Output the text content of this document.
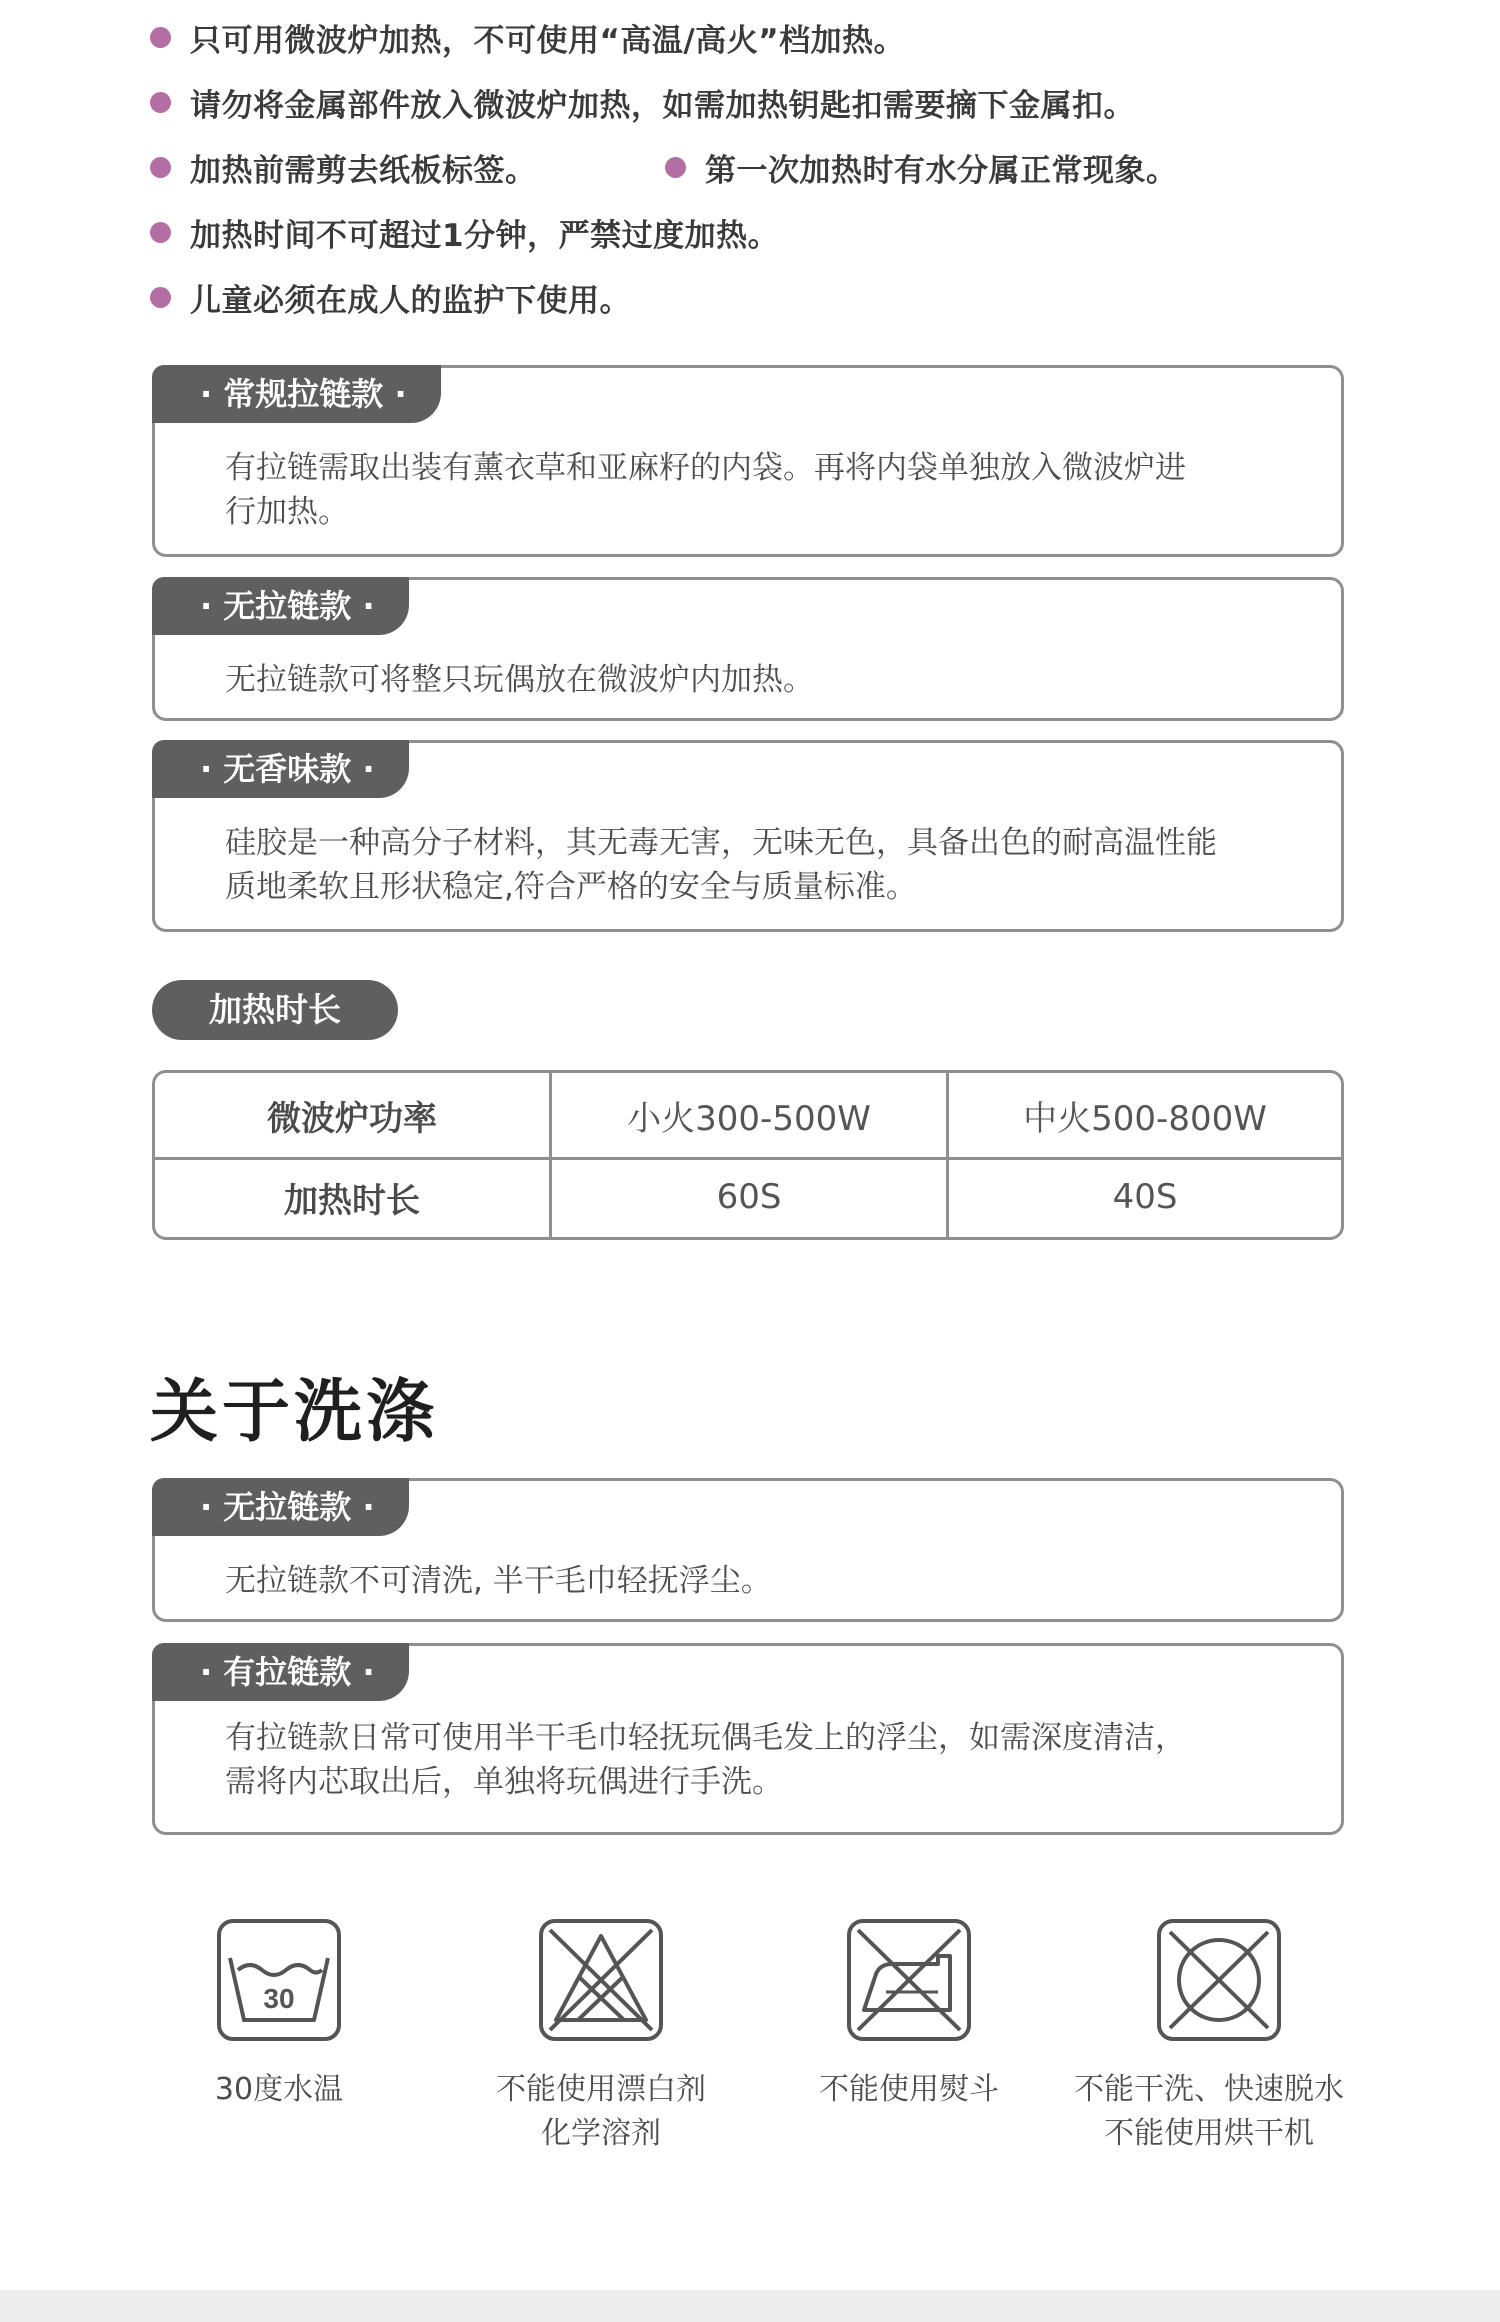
只可用微波炉加热，不可使用“高温/高火”档加热。
请勿将金属部件放入微波炉加热，如需加热钥匙扣需要摘下金属扣。
加热前需剪去纸板标签。	第一次加热时有水分属正常现象。
加热时间不可超过1分钟，严禁过度加热。
儿童必须在成人的监护下使用。
· 常规拉链款 ·
有拉链需取出装有薰衣草和亚麻籽的内袋。再将内袋单独放入微波炉进
行加热。
· 无拉链款 ·
无拉链款可将整只玩偶放在微波炉内加热。
· 无香味款 ·
硅胶是一种高分子材料，其无毒无害，无味无色，具备出色的耐高温性能
质地柔软且形状稳定,符合严格的安全与质量标准。
加热时长
微波炉功率	小火300-500W	中火500-800W
加热时长	60S	40S
关于洗涤
· 无拉链款 ·
无拉链款不可清洗, 半干毛巾轻抚浮尘。
· 有拉链款 ·
有拉链款日常可使用半干毛巾轻抚玩偶毛发上的浮尘，如需深度清洁，
需将内芯取出后，单独将玩偶进行手洗。
30
30度水温	不能使用漂白剂
化学溶剂
不能使用熨斗	不能干洗、快速脱水
不能使用烘干机
